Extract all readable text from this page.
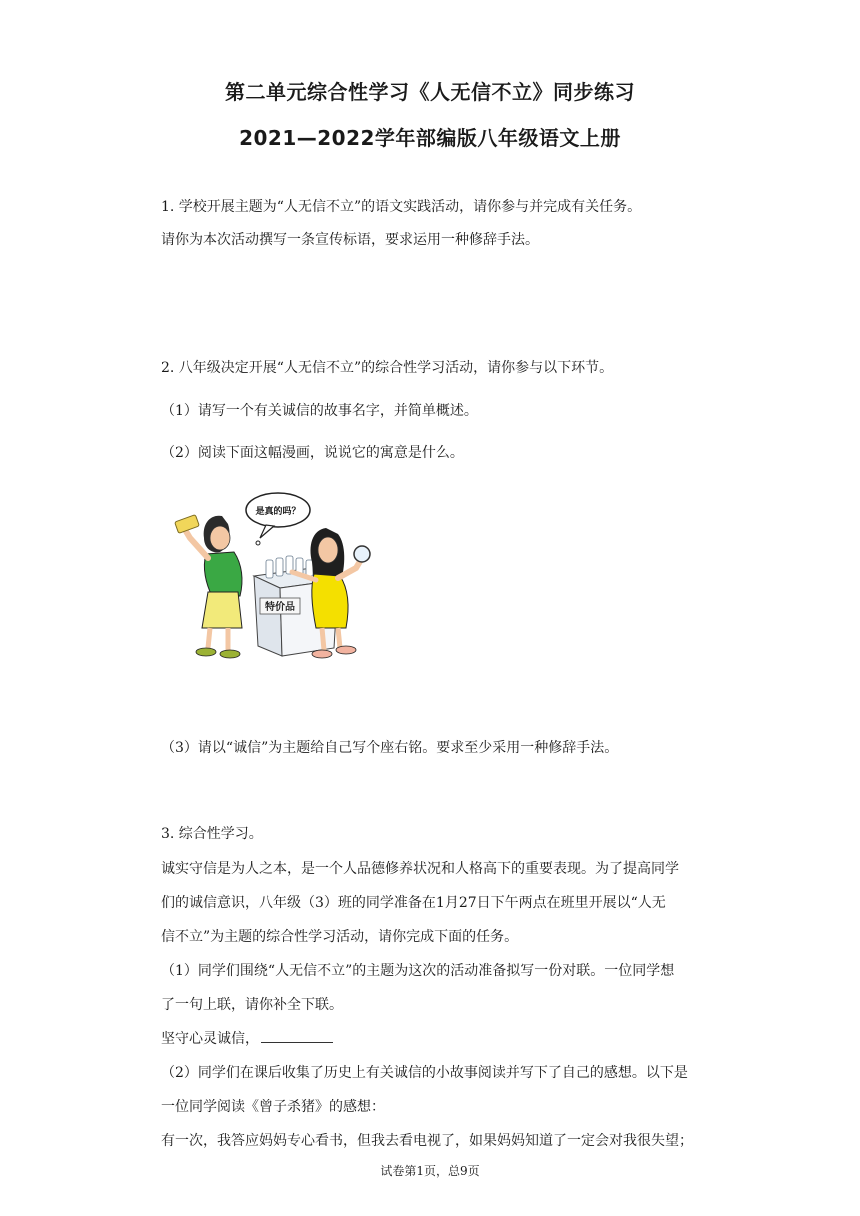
第二单元综合性学习《人无信不立》同步练习
2021—2022学年部编版八年级语文上册
1. 学校开展主题为“人无信不立”的语文实践活动，请你参与并完成有关任务。
请你为本次活动撰写一条宣传标语，要求运用一种修辞手法。
2. 八年级决定开展“人无信不立”的综合性学习活动，请你参与以下环节。
（1）请写一个有关诚信的故事名字，并简单概述。
（2）阅读下面这幅漫画，说说它的寓意是什么。
是真的吗？
特价品
（3）请以“诚信”为主题给自己写个座右铭。要求至少采用一种修辞手法。
3. 综合性学习。
诚实守信是为人之本，是一个人品德修养状况和人格高下的重要表现。为了提高同学
们的诚信意识，八年级（3）班的同学准备在1月27日下午两点在班里开展以“人无
信不立”为主题的综合性学习活动，请你完成下面的任务。
（1）同学们围绕“人无信不立”的主题为这次的活动准备拟写一份对联。一位同学想
了一句上联，请你补全下联。
坚守心灵诚信，
（2）同学们在课后收集了历史上有关诚信的小故事阅读并写下了自己的感想。以下是
一位同学阅读《曾子杀猪》的感想：
有一次，我答应妈妈专心看书，但我去看电视了，如果妈妈知道了一定会对我很失望；
试卷第1页，总9页
